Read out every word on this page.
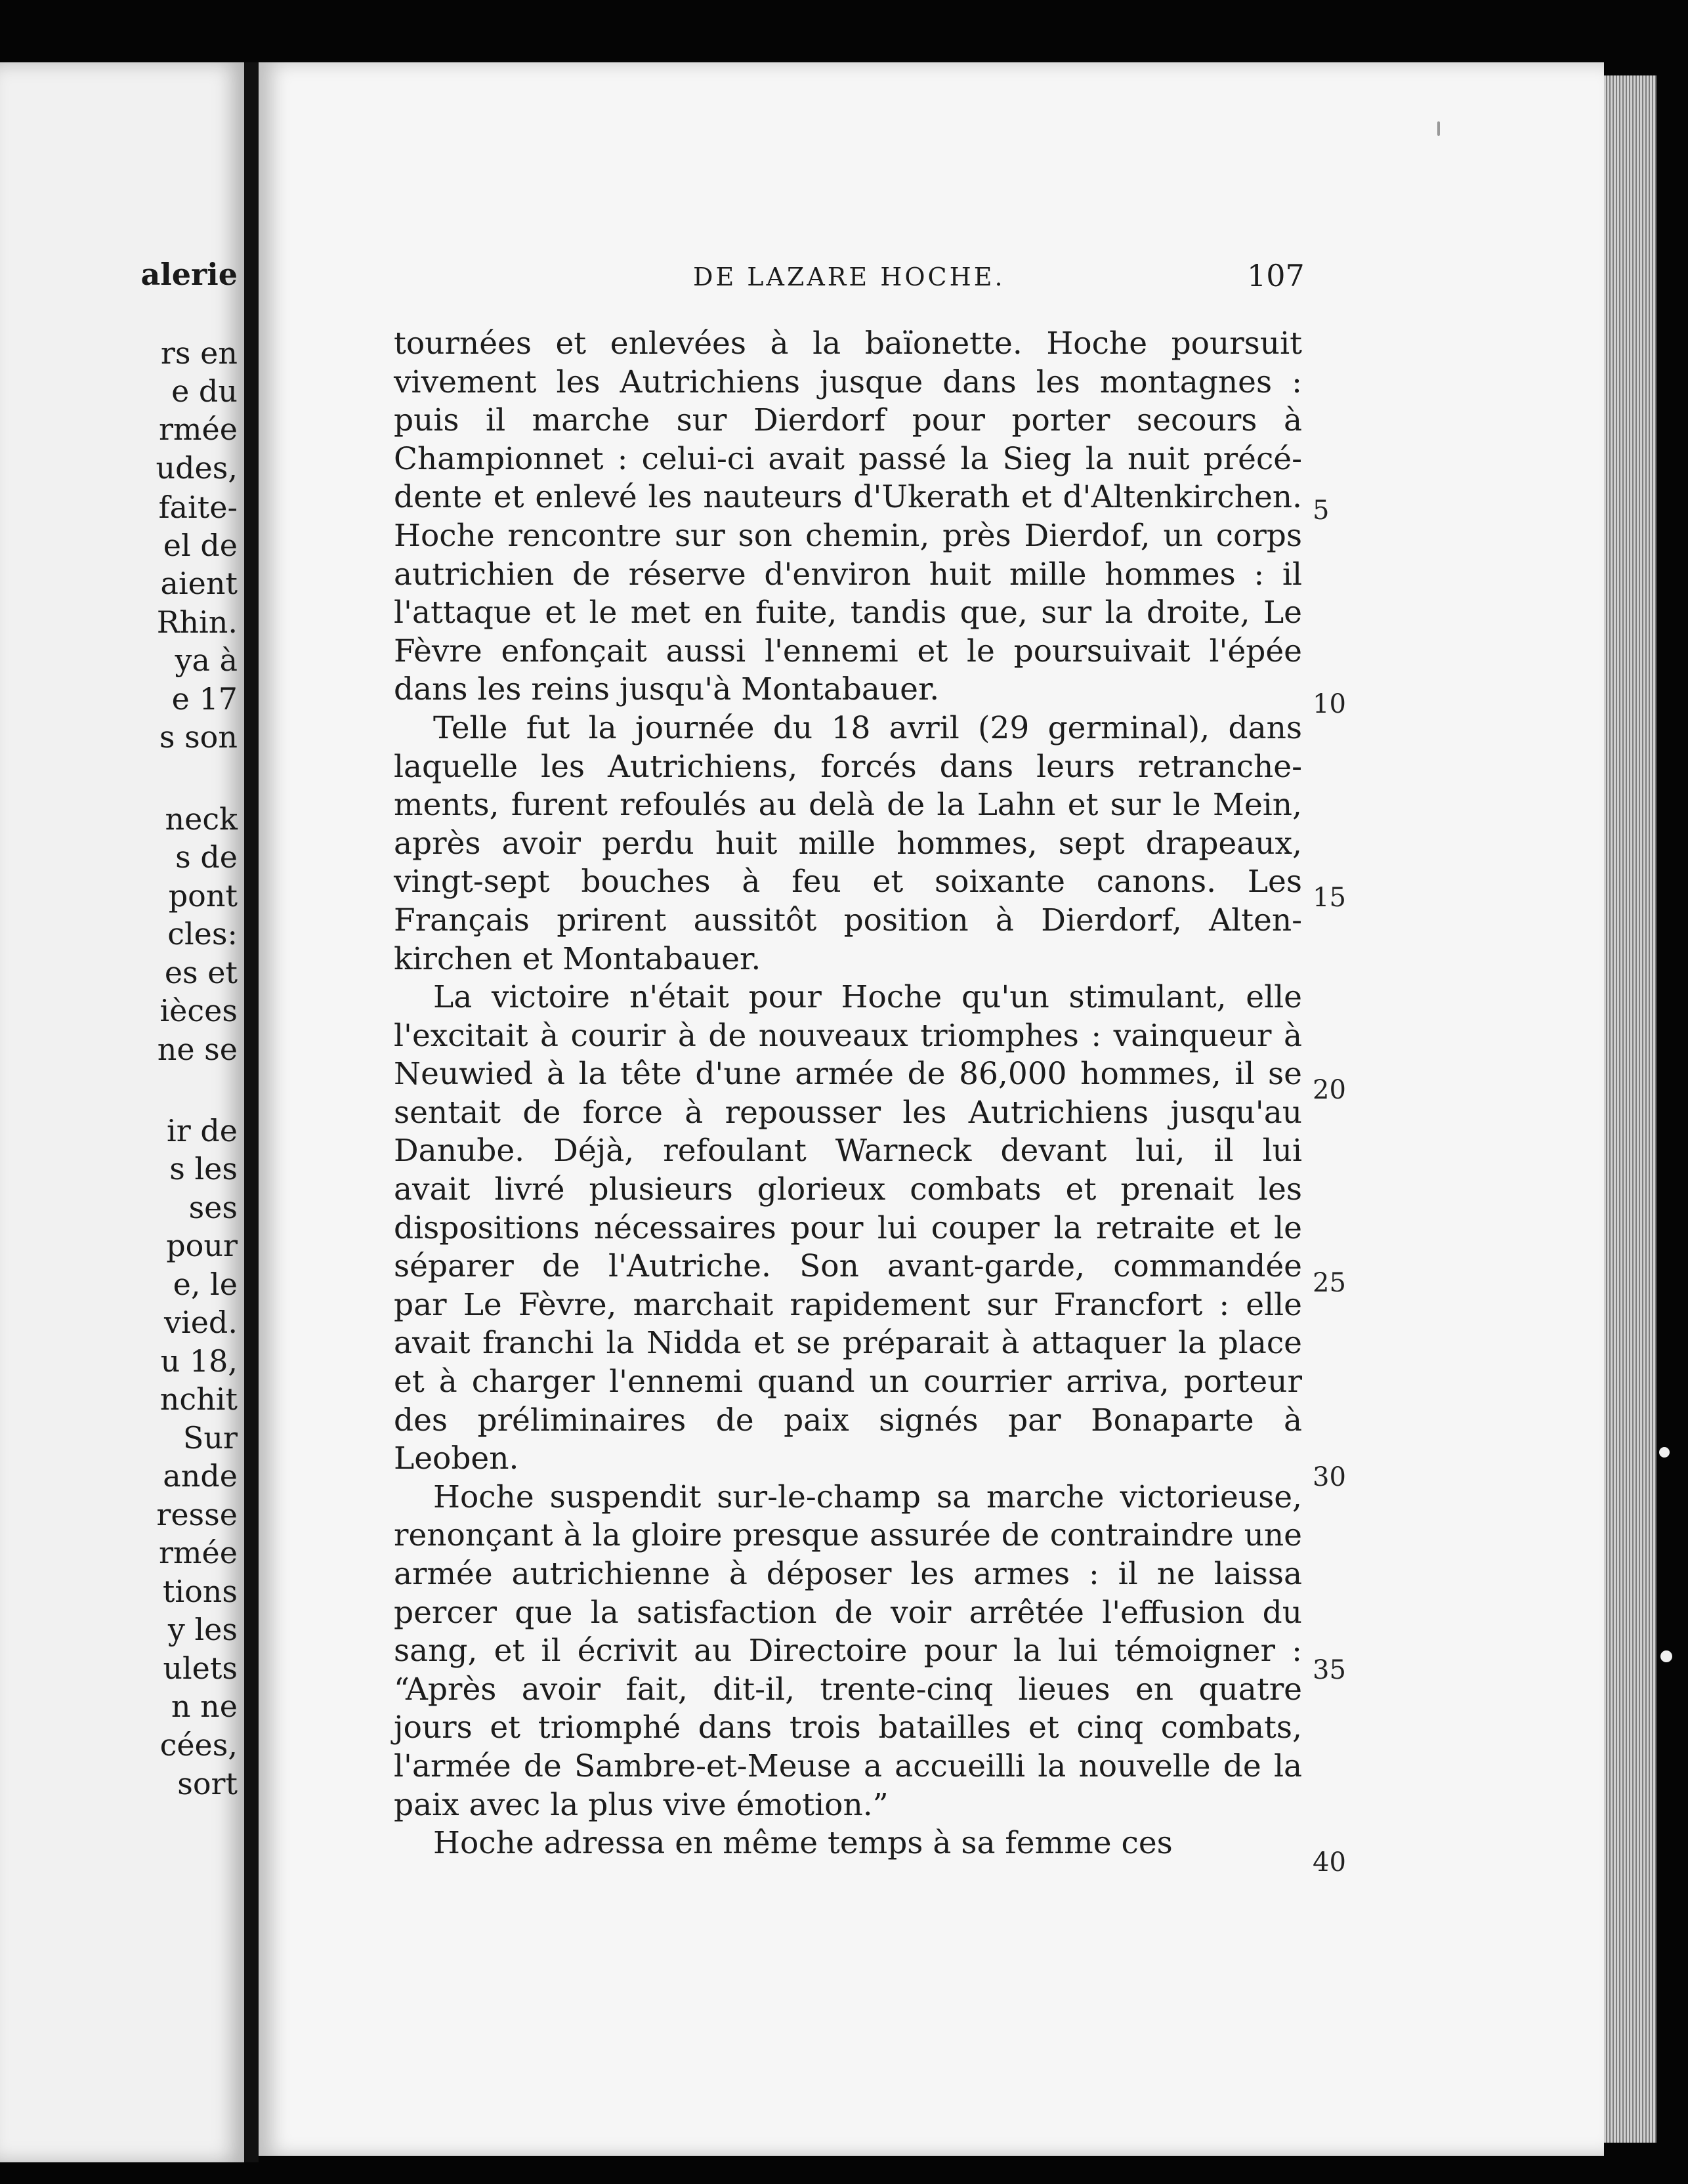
alerie
rs en
e du
rmée
udes,
faite-
el de
aient
Rhin.
ya à
e 17
s son
neck
s de
pont
cles:
es et
ièces
ne se
ir de
s les
ses
pour
e, le
vied.
u 18,
nchit
Sur
ande
resse
rmée
tions
y les
ulets
n ne
cées,
sort
DE LAZARE HOCHE.	107
tournées et enlevées à la baïonette. Hoche poursuit
vivement les Autrichiens jusque dans les montagnes :
puis il marche sur Dierdorf pour porter secours à
Championnet : celui-ci avait passé la Sieg la nuit précé-
dente et enlevé les nauteurs d'Ukerath et d'Altenkirchen.
Hoche rencontre sur son chemin, près Dierdof, un corps
autrichien de réserve d'environ huit mille hommes : il
l'attaque et le met en fuite, tandis que, sur la droite, Le
Fèvre enfonçait aussi l'ennemi et le poursuivait l'épée
dans les reins jusqu'à Montabauer.
Telle fut la journée du 18 avril (29 germinal), dans
laquelle les Autrichiens, forcés dans leurs retranche-
ments, furent refoulés au delà de la Lahn et sur le Mein,
après avoir perdu huit mille hommes, sept drapeaux,
vingt-sept bouches à feu et soixante canons. Les
Français prirent aussitôt position à Dierdorf, Alten-
kirchen et Montabauer.
La victoire n'était pour Hoche qu'un stimulant, elle
l'excitait à courir à de nouveaux triomphes : vainqueur à
Neuwied à la tête d'une armée de 86,000 hommes, il se
sentait de force à repousser les Autrichiens jusqu'au
Danube. Déjà, refoulant Warneck devant lui, il lui
avait livré plusieurs glorieux combats et prenait les
dispositions nécessaires pour lui couper la retraite et le
séparer de l'Autriche. Son avant-garde, commandée
par Le Fèvre, marchait rapidement sur Francfort : elle
avait franchi la Nidda et se préparait à attaquer la place
et à charger l'ennemi quand un courrier arriva, porteur
des préliminaires de paix signés par Bonaparte à
Leoben.
Hoche suspendit sur-le-champ sa marche victorieuse,
renonçant à la gloire presque assurée de contraindre une
armée autrichienne à déposer les armes : il ne laissa
percer que la satisfaction de voir arrêtée l'effusion du
sang, et il écrivit au Directoire pour la lui témoigner :
“Après avoir fait, dit-il, trente-cinq lieues en quatre
jours et triomphé dans trois batailles et cinq combats,
l'armée de Sambre-et-Meuse a accueilli la nouvelle de la
paix avec la plus vive émotion.”
Hoche adressa en même temps à sa femme ces
5
10
15
20
25
30
35
40
